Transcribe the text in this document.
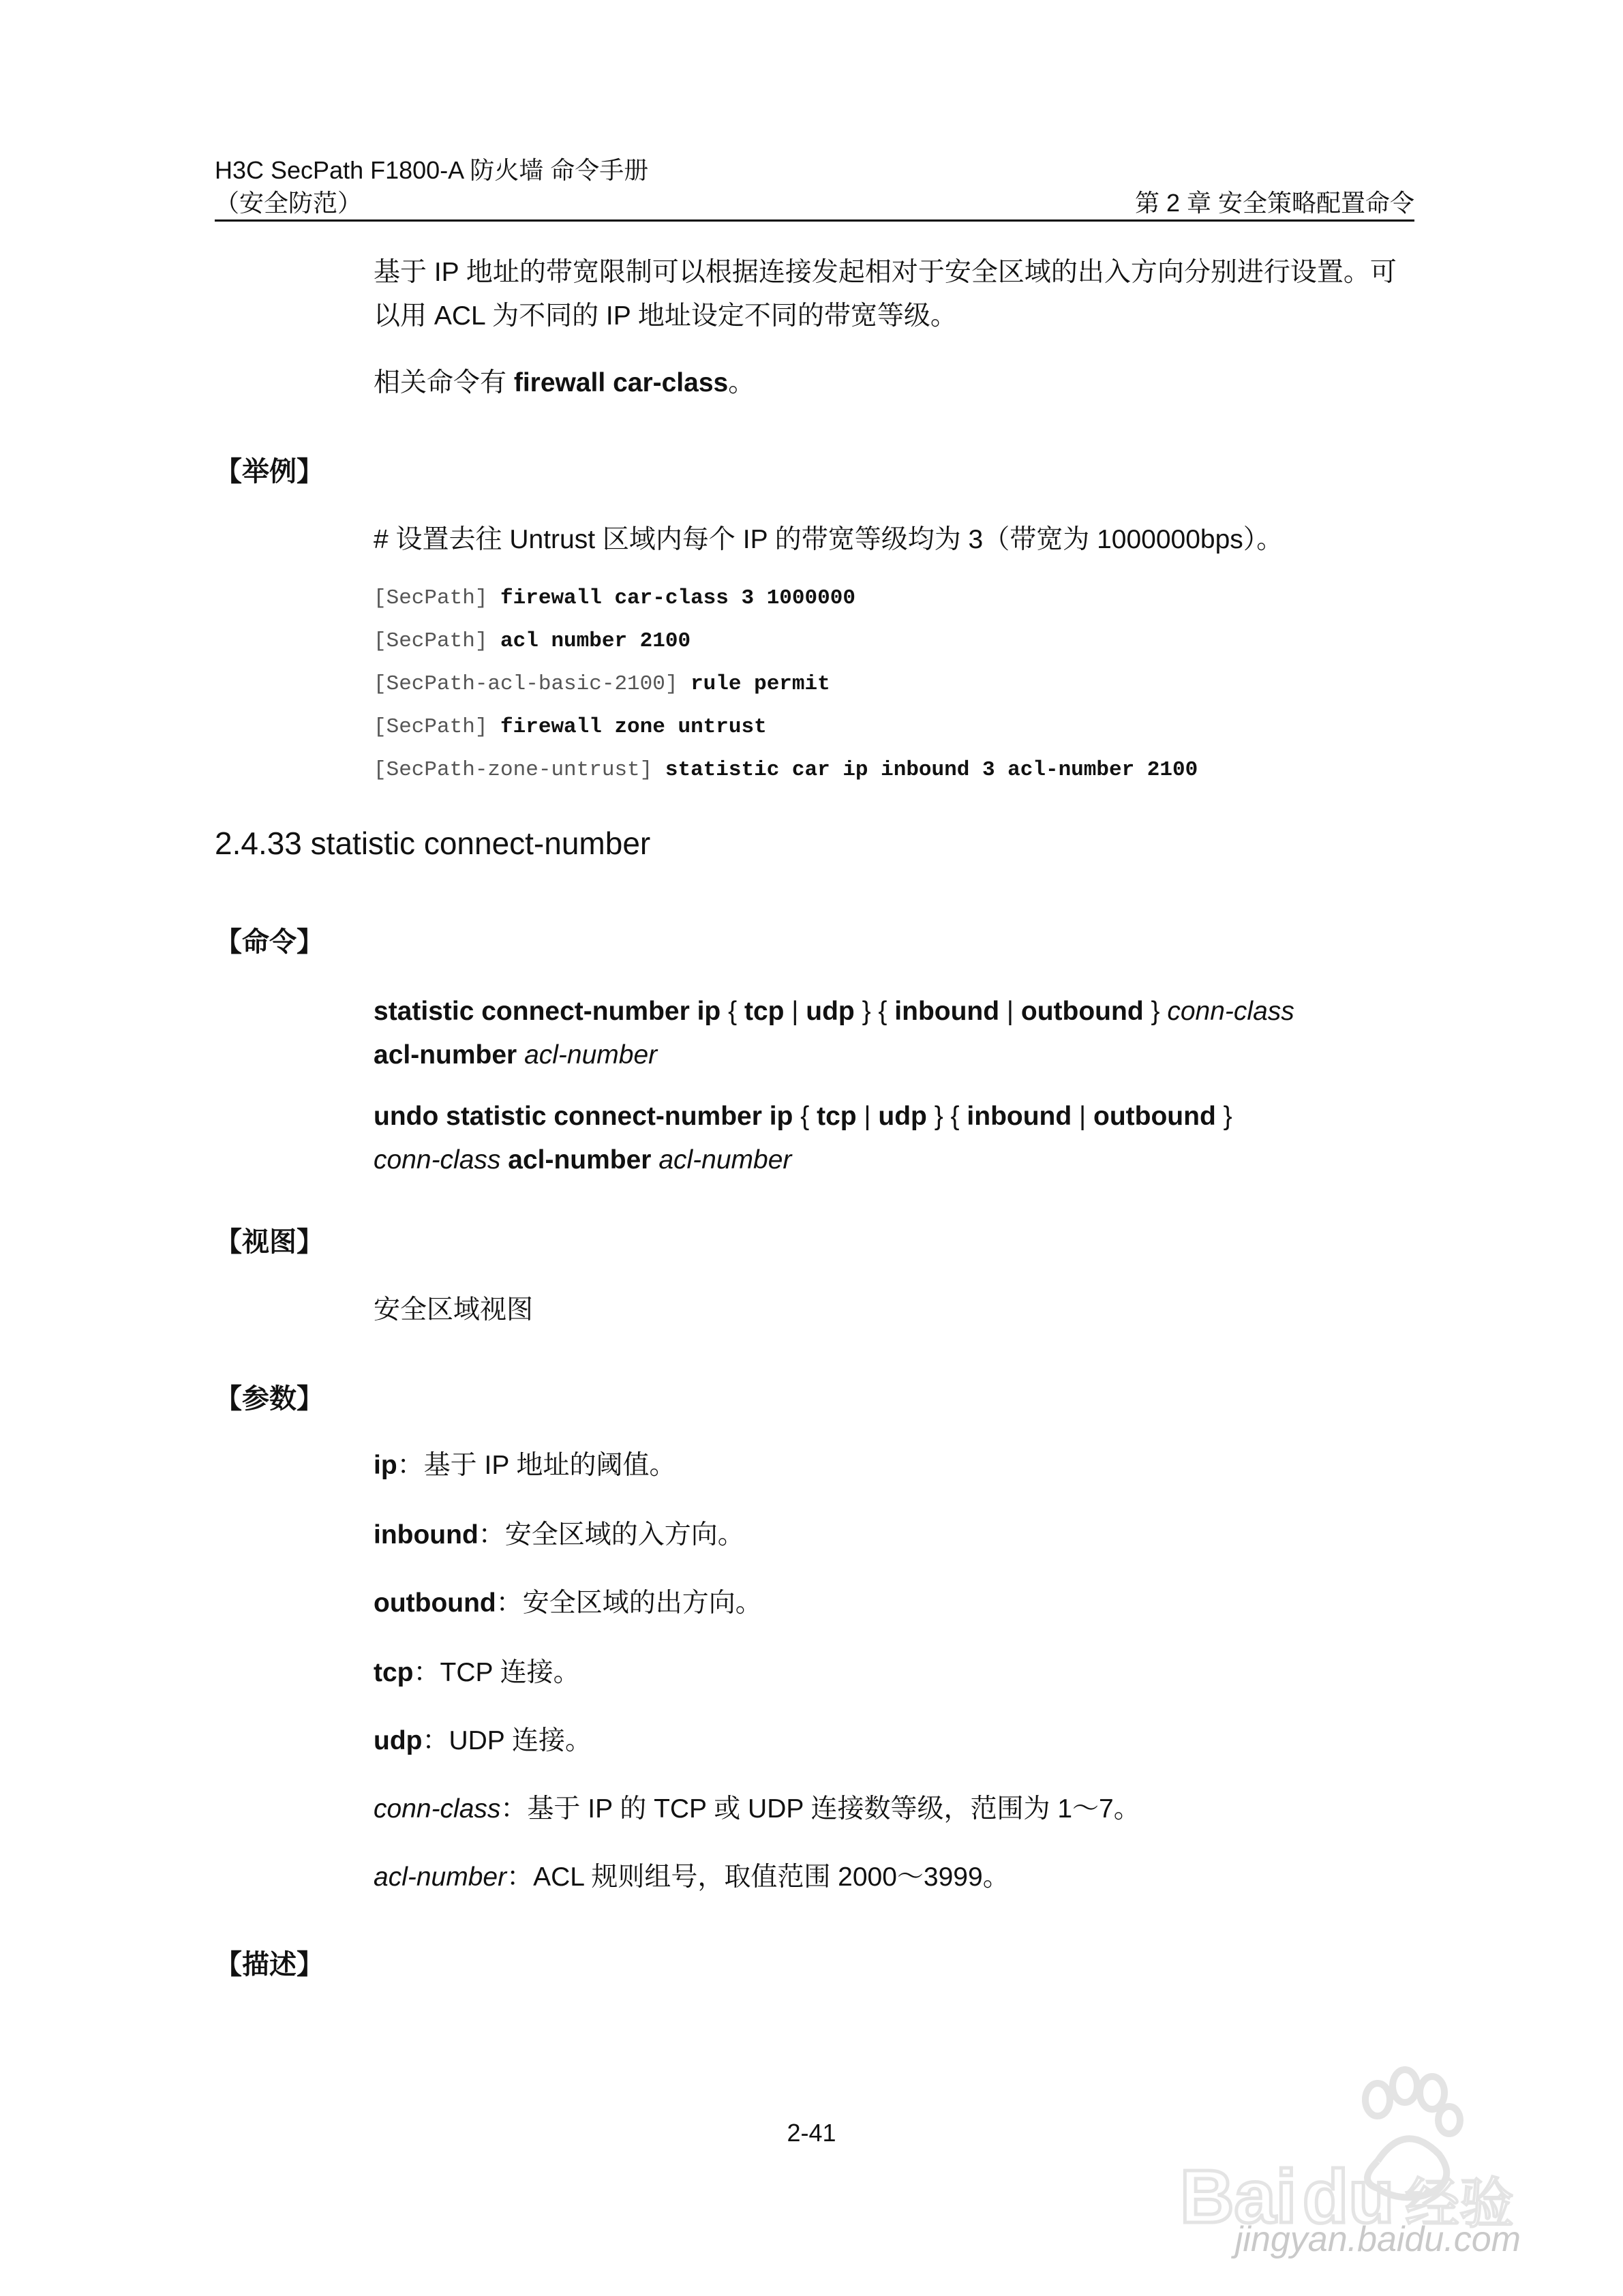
H3C SecPath F1800-A 防火墙 命令手册
（安全防范）	第 2 章 安全策略配置命令
基于 IP 地址的带宽限制可以根据连接发起相对于安全区域的出入方向分别进行设置。可以用 ACL 为不同的 IP 地址设定不同的带宽等级。
相关命令有 firewall car-class。
【举例】
# 设置去往 Untrust 区域内每个 IP 的带宽等级均为 3（带宽为 1000000bps）。
[SecPath] firewall car-class 3 1000000
[SecPath] acl number 2100
[SecPath-acl-basic-2100] rule permit
[SecPath] firewall zone untrust
[SecPath-zone-untrust] statistic car ip inbound 3 acl-number 2100
2.4.33 statistic connect-number
【命令】
statistic connect-number ip { tcp | udp } { inbound | outbound } conn-class
acl-number acl-number
undo statistic connect-number ip { tcp | udp } { inbound | outbound }
conn-class acl-number acl-number
【视图】
安全区域视图
【参数】
ip：基于 IP 地址的阈值。
inbound：安全区域的入方向。
outbound：安全区域的出方向。
tcp：TCP 连接。
udp：UDP 连接。
conn-class：基于 IP 的 TCP 或 UDP 连接数等级，范围为 1～7。
acl-number：ACL 规则组号，取值范围 2000～3999。
【描述】
2-41
Bai du 经验
jingyan.baidu.com
